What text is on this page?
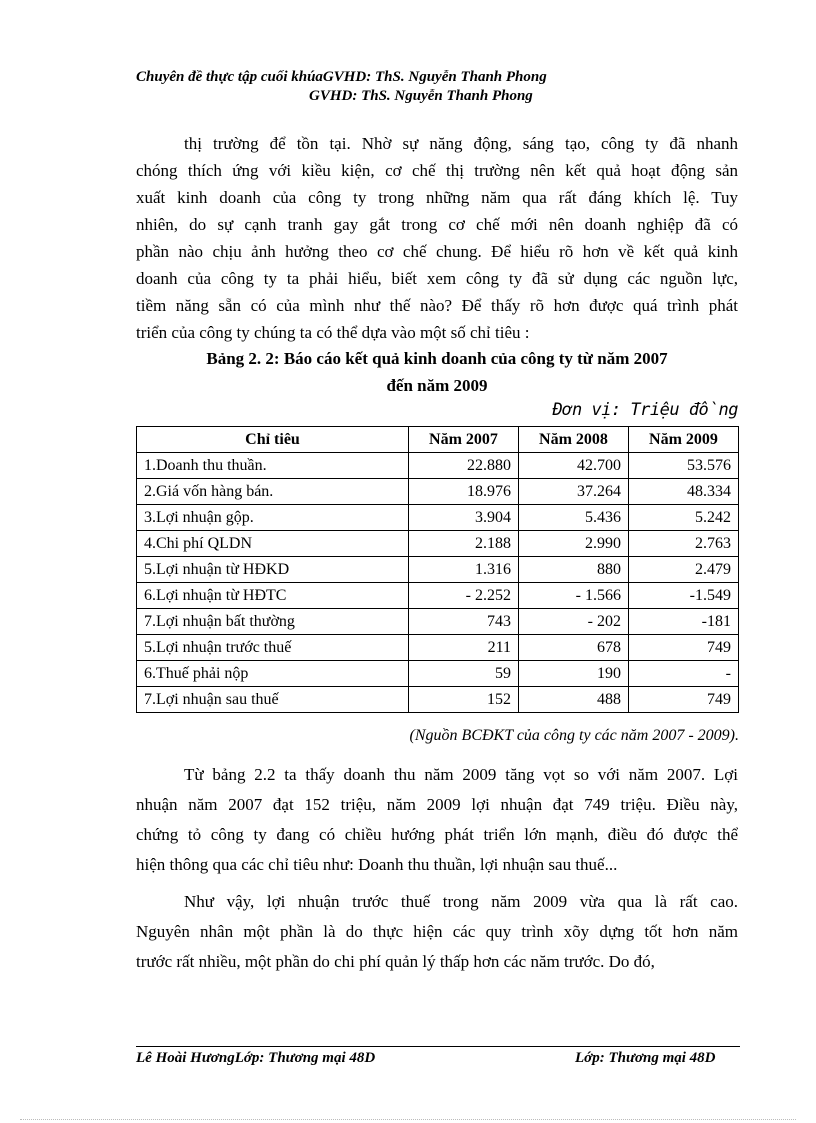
Chuyên đề thực tập cuối khúaGVHD: ThS. Nguyễn Thanh Phong
GVHD: ThS. Nguyễn Thanh Phong
thị trường để tồn tại. Nhờ sự năng động, sáng tạo, công ty đã nhanh
chóng thích ứng với kiều kiện, cơ chế thị trường nên kết quả hoạt động sản
xuất kinh doanh của công ty trong những năm qua rất đáng khích lệ. Tuy
nhiên, do sự cạnh tranh gay gắt trong cơ chế mới nên doanh nghiệp đã có
phần nào chịu ảnh hưởng theo cơ chế chung. Để hiểu rõ hơn về kết quả kinh
doanh của công ty ta phải hiểu, biết xem công ty đã sử dụng các nguồn lực,
tiềm năng sẵn có của mình như thế nào? Để thấy rõ hơn được quá trình phát
triển của công ty chúng ta có thể dựa vào một số chỉ tiêu :
Bảng 2. 2: Báo cáo kết quả kinh doanh của công ty từ năm 2007
đến năm 2009
Đơn vị: Triệu đồng
Chỉ tiêu	Năm 2007	Năm 2008	Năm 2009
1.Doanh thu thuần.	22.880	42.700	53.576
2.Giá vốn hàng bán.	18.976	37.264	48.334
3.Lợi nhuận gộp.	3.904	5.436	5.242
4.Chi phí QLDN	2.188	2.990	2.763
5.Lợi nhuận từ HĐKD	1.316	880	2.479
6.Lợi nhuận từ HĐTC	- 2.252	- 1.566	-1.549
7.Lợi nhuận bất thường	743	- 202	-181
5.Lợi nhuận trước thuế	211	678	749
6.Thuế phải nộp	59	190	-
7.Lợi nhuận sau thuế	152	488	749
(Nguồn BCĐKT của công ty các năm 2007 - 2009).
Từ bảng 2.2 ta thấy doanh thu năm 2009 tăng vọt so với năm 2007. Lợi
nhuận năm 2007 đạt 152 triệu, năm 2009 lợi nhuận đạt 749 triệu. Điều này,
chứng tỏ công ty đang có chiều hướng phát triển lớn mạnh, điều đó được thể
hiện thông qua các chỉ tiêu như: Doanh thu thuần, lợi nhuận sau thuế...
Như vậy, lợi nhuận trước thuế trong năm 2009 vừa qua là rất cao.
Nguyên nhân một phần là do thực hiện các quy trình xõy dựng tốt hơn năm
trước rất nhiều, một phần do chi phí quản lý thấp hơn các năm trước. Do đó,
Lê Hoài HươngLớp: Thương mại 48D	Lớp: Thương mại 48D
